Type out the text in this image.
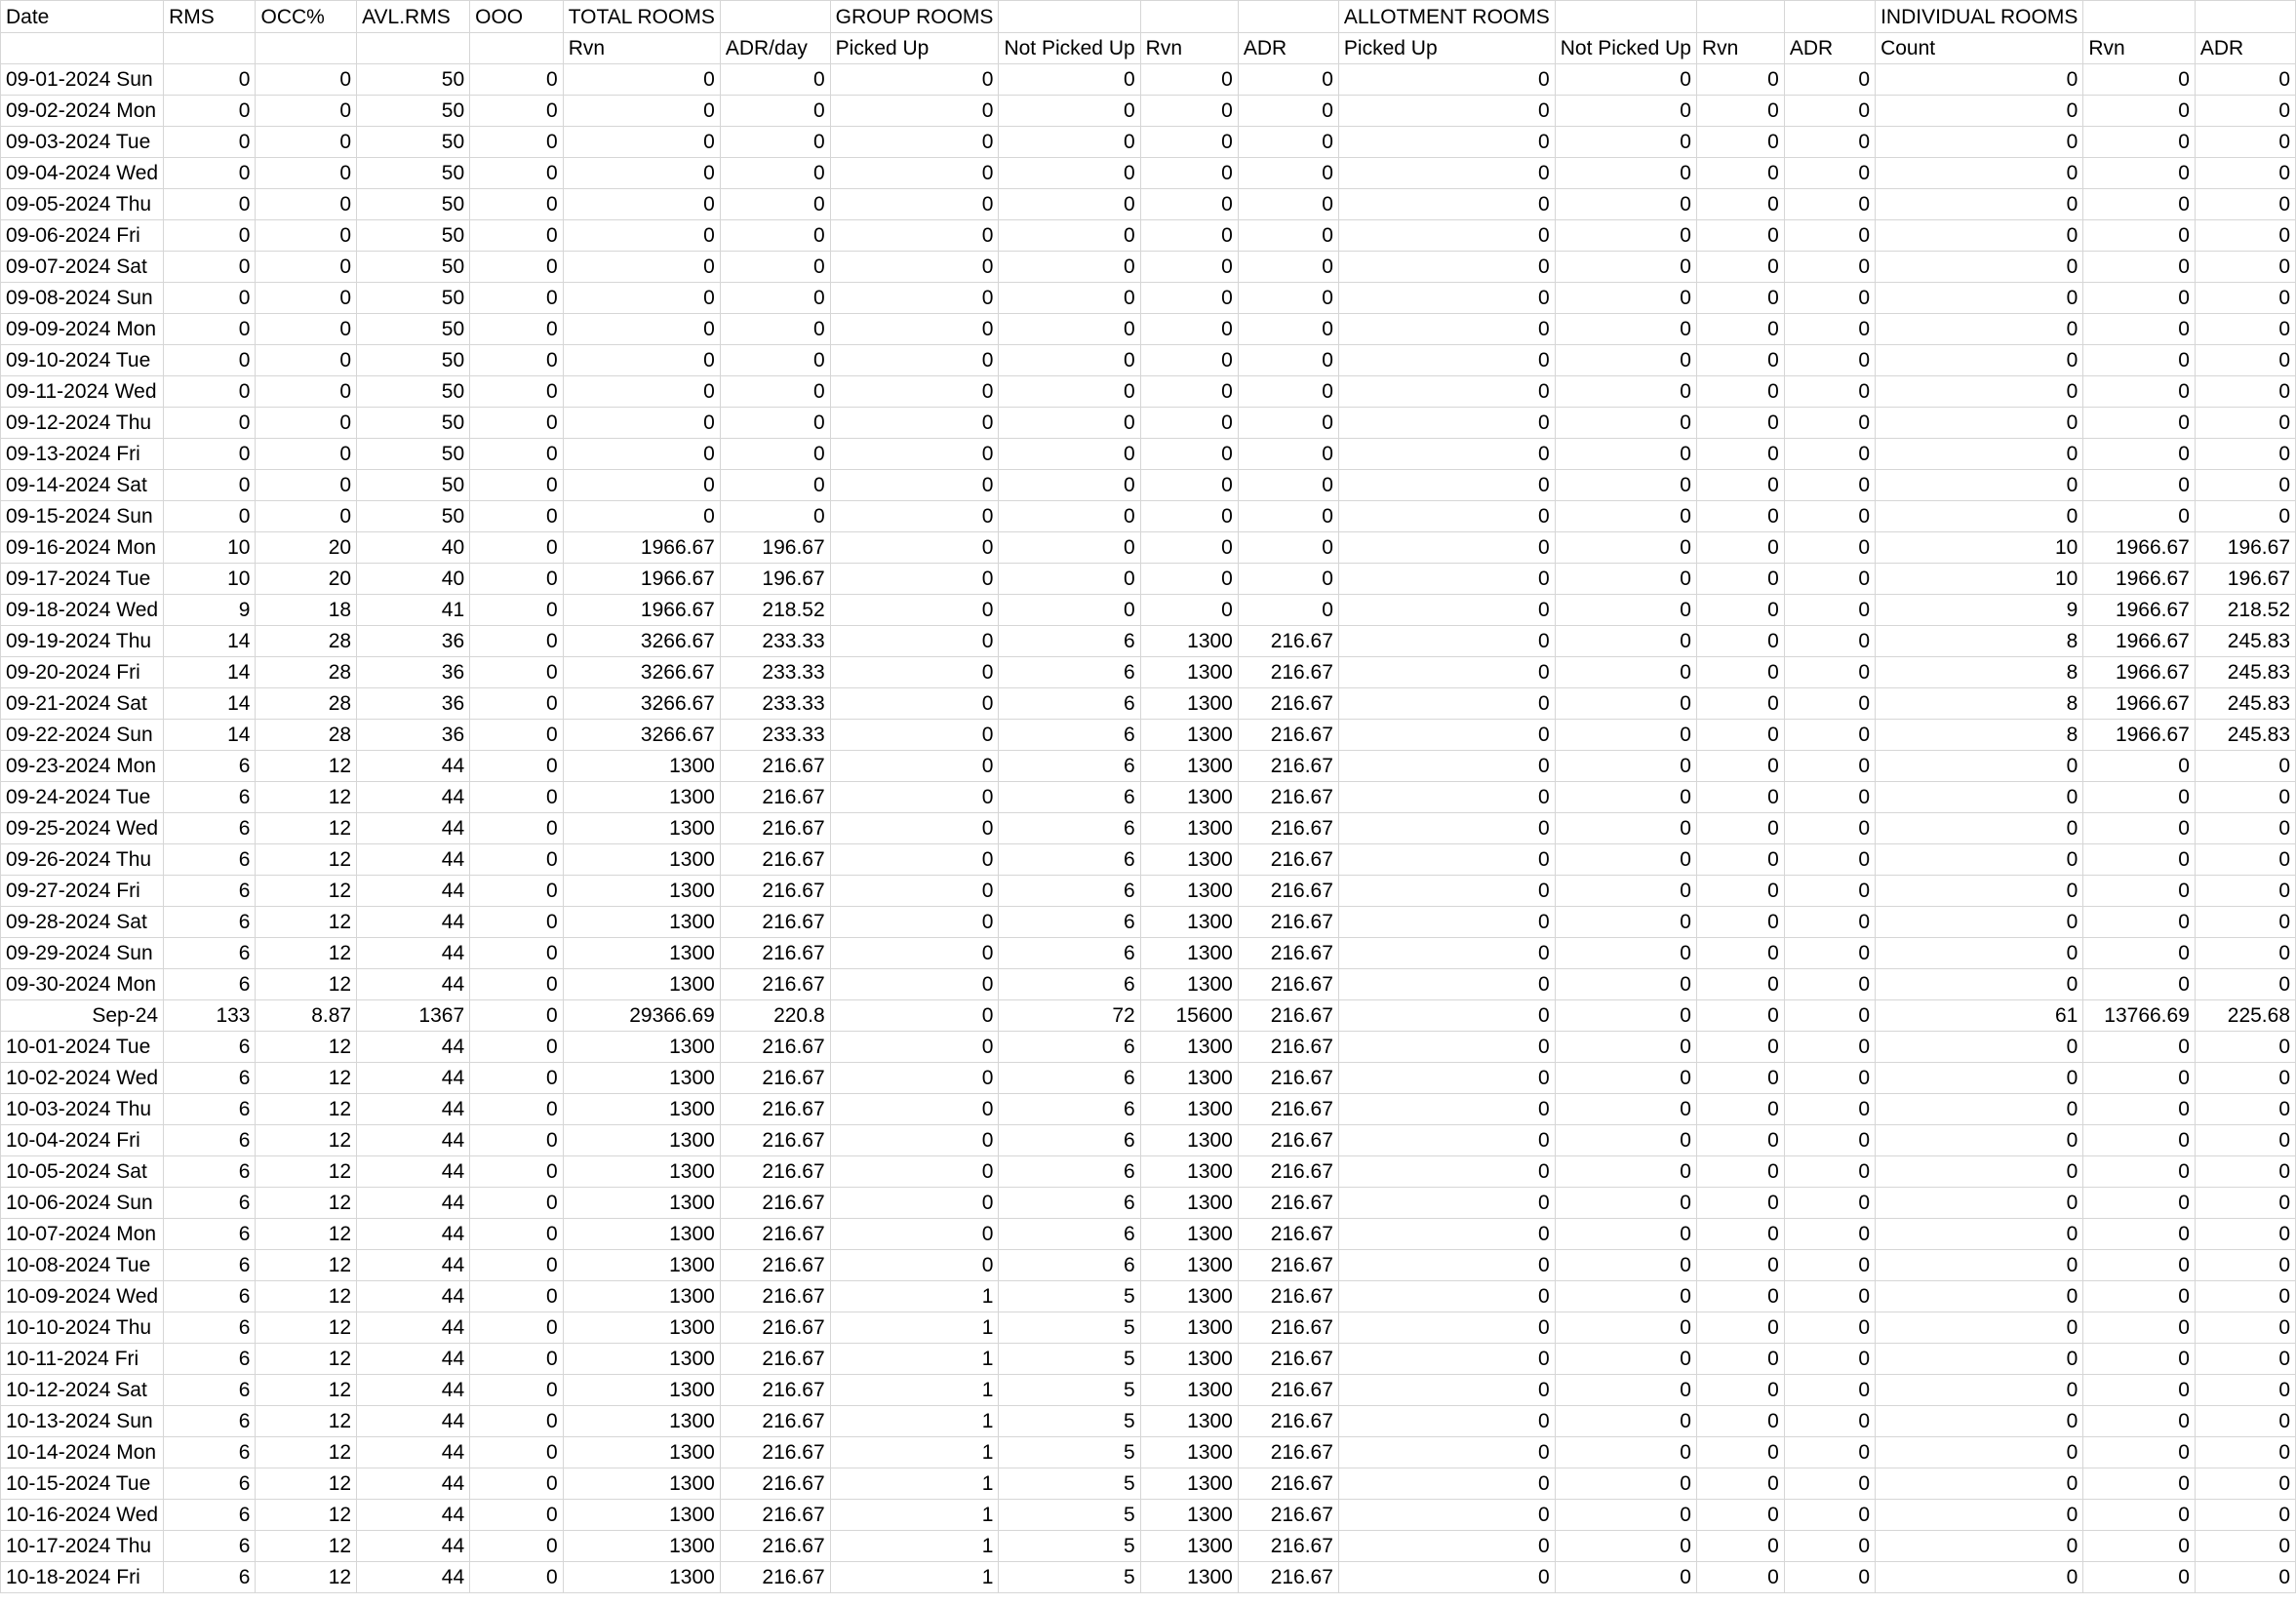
Date	RMS	OCC%	AVL.RMS	OOO	TOTAL ROOMS		GROUP ROOMS				ALLOTMENT ROOMS				INDIVIDUAL ROOMS		
					Rvn	ADR/day	Picked Up	Not Picked Up	Rvn	ADR	Picked Up	Not Picked Up	Rvn	ADR	Count	Rvn	ADR
09-01-2024 Sun	0	0	50	0	0	0	0	0	0	0	0	0	0	0	0	0	0
09-02-2024 Mon	0	0	50	0	0	0	0	0	0	0	0	0	0	0	0	0	0
09-03-2024 Tue	0	0	50	0	0	0	0	0	0	0	0	0	0	0	0	0	0
09-04-2024 Wed	0	0	50	0	0	0	0	0	0	0	0	0	0	0	0	0	0
09-05-2024 Thu	0	0	50	0	0	0	0	0	0	0	0	0	0	0	0	0	0
09-06-2024 Fri	0	0	50	0	0	0	0	0	0	0	0	0	0	0	0	0	0
09-07-2024 Sat	0	0	50	0	0	0	0	0	0	0	0	0	0	0	0	0	0
09-08-2024 Sun	0	0	50	0	0	0	0	0	0	0	0	0	0	0	0	0	0
09-09-2024 Mon	0	0	50	0	0	0	0	0	0	0	0	0	0	0	0	0	0
09-10-2024 Tue	0	0	50	0	0	0	0	0	0	0	0	0	0	0	0	0	0
09-11-2024 Wed	0	0	50	0	0	0	0	0	0	0	0	0	0	0	0	0	0
09-12-2024 Thu	0	0	50	0	0	0	0	0	0	0	0	0	0	0	0	0	0
09-13-2024 Fri	0	0	50	0	0	0	0	0	0	0	0	0	0	0	0	0	0
09-14-2024 Sat	0	0	50	0	0	0	0	0	0	0	0	0	0	0	0	0	0
09-15-2024 Sun	0	0	50	0	0	0	0	0	0	0	0	0	0	0	0	0	0
09-16-2024 Mon	10	20	40	0	1966.67	196.67	0	0	0	0	0	0	0	0	10	1966.67	196.67
09-17-2024 Tue	10	20	40	0	1966.67	196.67	0	0	0	0	0	0	0	0	10	1966.67	196.67
09-18-2024 Wed	9	18	41	0	1966.67	218.52	0	0	0	0	0	0	0	0	9	1966.67	218.52
09-19-2024 Thu	14	28	36	0	3266.67	233.33	0	6	1300	216.67	0	0	0	0	8	1966.67	245.83
09-20-2024 Fri	14	28	36	0	3266.67	233.33	0	6	1300	216.67	0	0	0	0	8	1966.67	245.83
09-21-2024 Sat	14	28	36	0	3266.67	233.33	0	6	1300	216.67	0	0	0	0	8	1966.67	245.83
09-22-2024 Sun	14	28	36	0	3266.67	233.33	0	6	1300	216.67	0	0	0	0	8	1966.67	245.83
09-23-2024 Mon	6	12	44	0	1300	216.67	0	6	1300	216.67	0	0	0	0	0	0	0
09-24-2024 Tue	6	12	44	0	1300	216.67	0	6	1300	216.67	0	0	0	0	0	0	0
09-25-2024 Wed	6	12	44	0	1300	216.67	0	6	1300	216.67	0	0	0	0	0	0	0
09-26-2024 Thu	6	12	44	0	1300	216.67	0	6	1300	216.67	0	0	0	0	0	0	0
09-27-2024 Fri	6	12	44	0	1300	216.67	0	6	1300	216.67	0	0	0	0	0	0	0
09-28-2024 Sat	6	12	44	0	1300	216.67	0	6	1300	216.67	0	0	0	0	0	0	0
09-29-2024 Sun	6	12	44	0	1300	216.67	0	6	1300	216.67	0	0	0	0	0	0	0
09-30-2024 Mon	6	12	44	0	1300	216.67	0	6	1300	216.67	0	0	0	0	0	0	0
Sep-24	133	8.87	1367	0	29366.69	220.8	0	72	15600	216.67	0	0	0	0	61	13766.69	225.68
10-01-2024 Tue	6	12	44	0	1300	216.67	0	6	1300	216.67	0	0	0	0	0	0	0
10-02-2024 Wed	6	12	44	0	1300	216.67	0	6	1300	216.67	0	0	0	0	0	0	0
10-03-2024 Thu	6	12	44	0	1300	216.67	0	6	1300	216.67	0	0	0	0	0	0	0
10-04-2024 Fri	6	12	44	0	1300	216.67	0	6	1300	216.67	0	0	0	0	0	0	0
10-05-2024 Sat	6	12	44	0	1300	216.67	0	6	1300	216.67	0	0	0	0	0	0	0
10-06-2024 Sun	6	12	44	0	1300	216.67	0	6	1300	216.67	0	0	0	0	0	0	0
10-07-2024 Mon	6	12	44	0	1300	216.67	0	6	1300	216.67	0	0	0	0	0	0	0
10-08-2024 Tue	6	12	44	0	1300	216.67	0	6	1300	216.67	0	0	0	0	0	0	0
10-09-2024 Wed	6	12	44	0	1300	216.67	1	5	1300	216.67	0	0	0	0	0	0	0
10-10-2024 Thu	6	12	44	0	1300	216.67	1	5	1300	216.67	0	0	0	0	0	0	0
10-11-2024 Fri	6	12	44	0	1300	216.67	1	5	1300	216.67	0	0	0	0	0	0	0
10-12-2024 Sat	6	12	44	0	1300	216.67	1	5	1300	216.67	0	0	0	0	0	0	0
10-13-2024 Sun	6	12	44	0	1300	216.67	1	5	1300	216.67	0	0	0	0	0	0	0
10-14-2024 Mon	6	12	44	0	1300	216.67	1	5	1300	216.67	0	0	0	0	0	0	0
10-15-2024 Tue	6	12	44	0	1300	216.67	1	5	1300	216.67	0	0	0	0	0	0	0
10-16-2024 Wed	6	12	44	0	1300	216.67	1	5	1300	216.67	0	0	0	0	0	0	0
10-17-2024 Thu	6	12	44	0	1300	216.67	1	5	1300	216.67	0	0	0	0	0	0	0
10-18-2024 Fri	6	12	44	0	1300	216.67	1	5	1300	216.67	0	0	0	0	0	0	0
